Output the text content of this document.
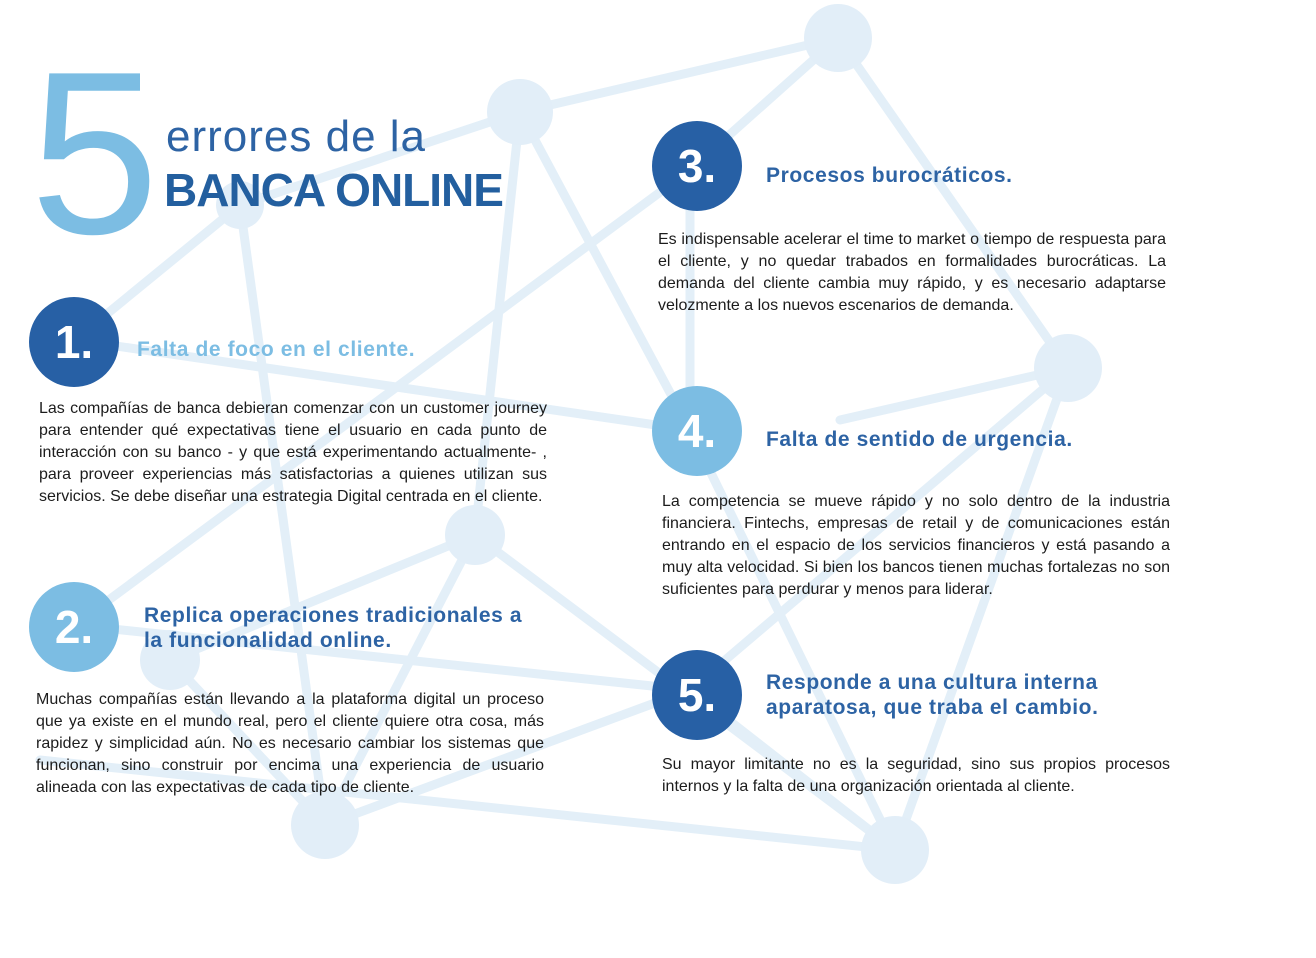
5 errores de la
BANCA ONLINE
1.	Falta de foco en el cliente.
Las compañías de banca debieran comenzar con un customer journey para entender qué expectativas tiene el usuario en cada punto de interacción con su banco - y que está experimentando actualmente- , para proveer experiencias más satisfactorias a quienes utilizan sus servicios. Se debe diseñar una estrategia Digital centrada en el cliente.
2.	Replica operaciones tradicionales a la funcionalidad online.
Muchas compañías están llevando a la plataforma digital un proceso que ya existe en el mundo real, pero el cliente quiere otra cosa, más rapidez y simplicidad aún. No es necesario cambiar los sistemas que funcionan, sino construir por encima una experiencia de usuario alineada con las expectativas de cada tipo de cliente.
3.	Procesos burocráticos.
Es indispensable acelerar el time to market o tiempo de respuesta para el cliente, y no quedar trabados en formalidades burocráticas. La demanda del cliente cambia muy rápido, y es necesario adaptarse velozmente a los nuevos escenarios de demanda.
4.	Falta de sentido de urgencia.
La competencia se mueve rápido y no solo dentro de la industria financiera. Fintechs, empresas de retail y de comunicaciones están entrando en el espacio de los servicios financieros y está pasando a muy alta velocidad. Si bien los bancos tienen muchas fortalezas no son suficientes para perdurar y menos para liderar.
5.	Responde a una cultura interna aparatosa, que traba el cambio.
Su mayor limitante no es la seguridad, sino sus propios procesos internos y la falta de una organización orientada al cliente.
